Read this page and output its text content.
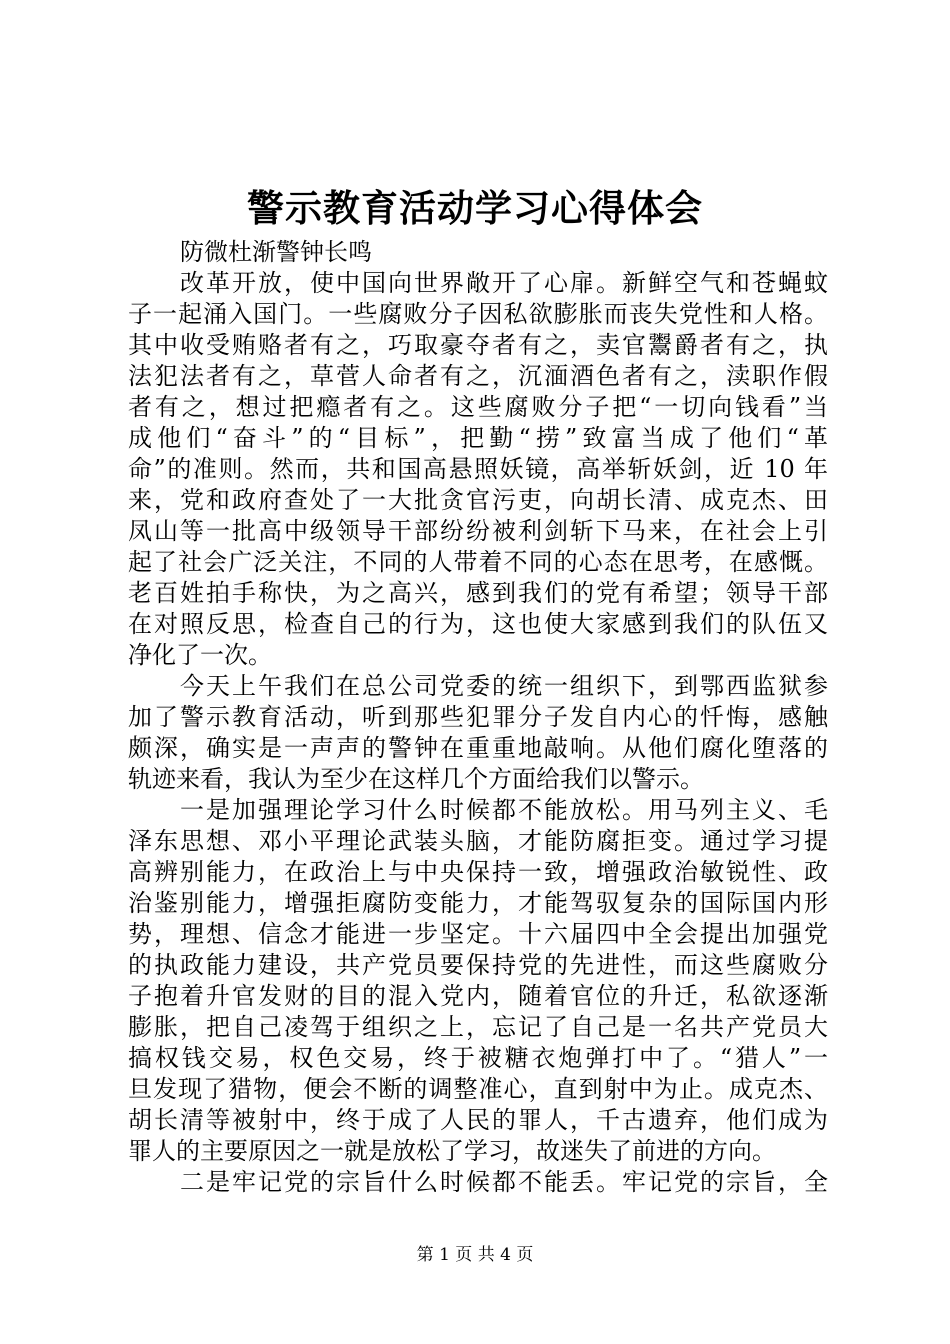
警示教育活动学习心得体会
防微杜渐警钟长鸣
改革开放，使中国向世界敞开了心扉。新鲜空气和苍蝇蚊
子一起涌入国门。一些腐败分子因私欲膨胀而丧失党性和人格。
其中收受贿赂者有之，巧取豪夺者有之，卖官鬻爵者有之，执
法犯法者有之，草菅人命者有之，沉湎酒色者有之，渎职作假
者有之，想过把瘾者有之。这些腐败分子把“一切向钱看”当
成他们“奋斗”的“目标”，把勤“捞”致富当成了他们“革
命”的准则。然而，共和国高悬照妖镜，高举斩妖剑，近 10 年
来，党和政府查处了一大批贪官污吏，向胡长清、成克杰、田
凤山等一批高中级领导干部纷纷被利剑斩下马来，在社会上引
起了社会广泛关注，不同的人带着不同的心态在思考，在感慨。
老百姓拍手称快，为之高兴，感到我们的党有希望；领导干部
在对照反思，检查自己的行为，这也使大家感到我们的队伍又
净化了一次。
今天上午我们在总公司党委的统一组织下，到鄂西监狱参
加了警示教育活动，听到那些犯罪分子发自内心的忏悔，感触
颇深，确实是一声声的警钟在重重地敲响。从他们腐化堕落的
轨迹来看，我认为至少在这样几个方面给我们以警示。
一是加强理论学习什么时候都不能放松。用马列主义、毛
泽东思想、邓小平理论武装头脑，才能防腐拒变。通过学习提
高辨别能力，在政治上与中央保持一致，增强政治敏锐性、政
治鉴别能力，增强拒腐防变能力，才能驾驭复杂的国际国内形
势，理想、信念才能进一步坚定。十六届四中全会提出加强党
的执政能力建设，共产党员要保持党的先进性，而这些腐败分
子抱着升官发财的目的混入党内，随着官位的升迁，私欲逐渐
膨胀，把自己凌驾于组织之上，忘记了自己是一名共产党员大
搞权钱交易，权色交易，终于被糖衣炮弹打中了。“猎人”一
旦发现了猎物，便会不断的调整准心，直到射中为止。成克杰、
胡长清等被射中，终于成了人民的罪人，千古遗弃，他们成为
罪人的主要原因之一就是放松了学习，故迷失了前进的方向。
二是牢记党的宗旨什么时候都不能丢。牢记党的宗旨，全
第 1 页 共 4 页
